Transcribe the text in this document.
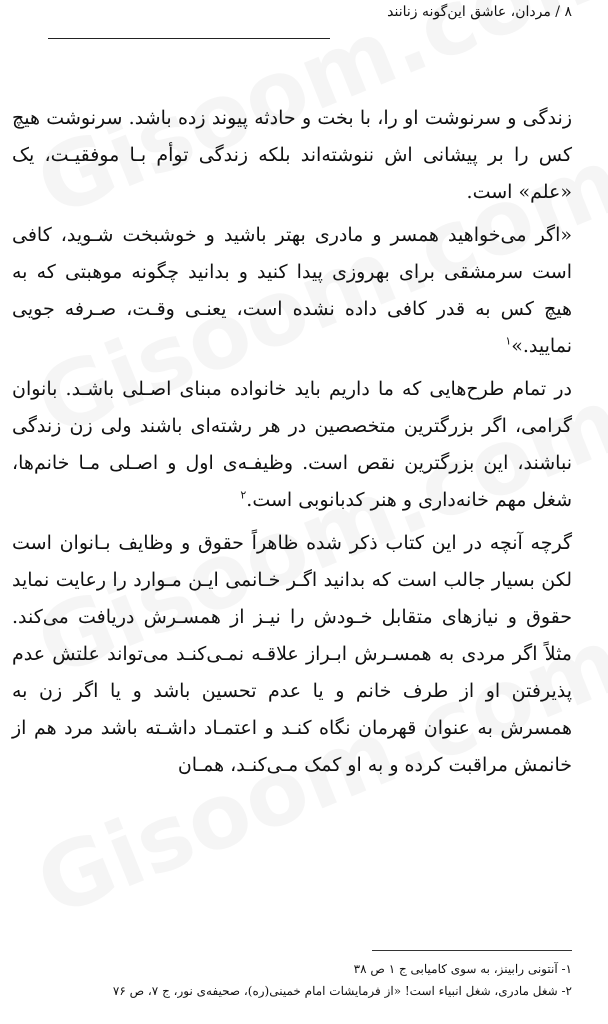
۸ / مردان، عاشق این‌گونه زنانند

زندگی و سرنوشت او را، با بخت و حادثه پیوند زده باشد. سرنوشت هیچ کس را بر پیشانی اش ننوشته‌اند بلکه زندگی توأم بـا موفقیـت، یک «علم» است.

«اگر می‌خواهید همسر و مادری بهتر باشید و خوشبخت شـوید، کافی است سرمشقی برای بهروزی پیدا کنید و بدانید چگونه موهبتی که به هیچ کس به قدر کافی داده نشده است، یعنـی وقـت، صـرفه جویی نمایید.»$^۱$

در تمام طرح‌هایی که ما داریم باید خانواده مبنای اصـلی باشـد. بانوان گرامی، اگر بزرگترین متخصصین در هر رشته‌ای باشند ولی زن زندگی نباشند، این بزرگترین نقص است. وظیفـه‌ی اول و اصـلی مـا خانم‌ها، شغل مهم خانه‌داری و هنر کدبانوبی است.$^۲$

گرچه آنچه در این کتاب ذکر شده ظاهراً حقوق و وظایف بـانوان است لکن بسیار جالب است که بدانید اگـر خـانمی ایـن مـوارد را رعایت نماید حقوق و نیازهای متقابل خـودش را نیـز از همسـرش دریافت می‌کند. مثلاً اگر مردی به همسـرش ابـراز علاقـه نمـی‌کنـد می‌تواند علتش عدم پذیرفتن او از طرف خانم و یا عدم تحسین باشد و یا اگر زن به همسرش به عنوان قهرمان نگاه کنـد و اعتمـاد داشـته باشد مرد هم از خانمش مراقبت کرده و به او کمک مـی‌کنـد، همـان

۱- آنتونی رابینز، به سوی کامیابی ج ۱ ص ۳۸
۲- شغل مادری، شغل انبیاء است! «از فرمایشات امام خمینی(ره)، صحیفه‌ی نور، ج ۷، ص ۷۶
